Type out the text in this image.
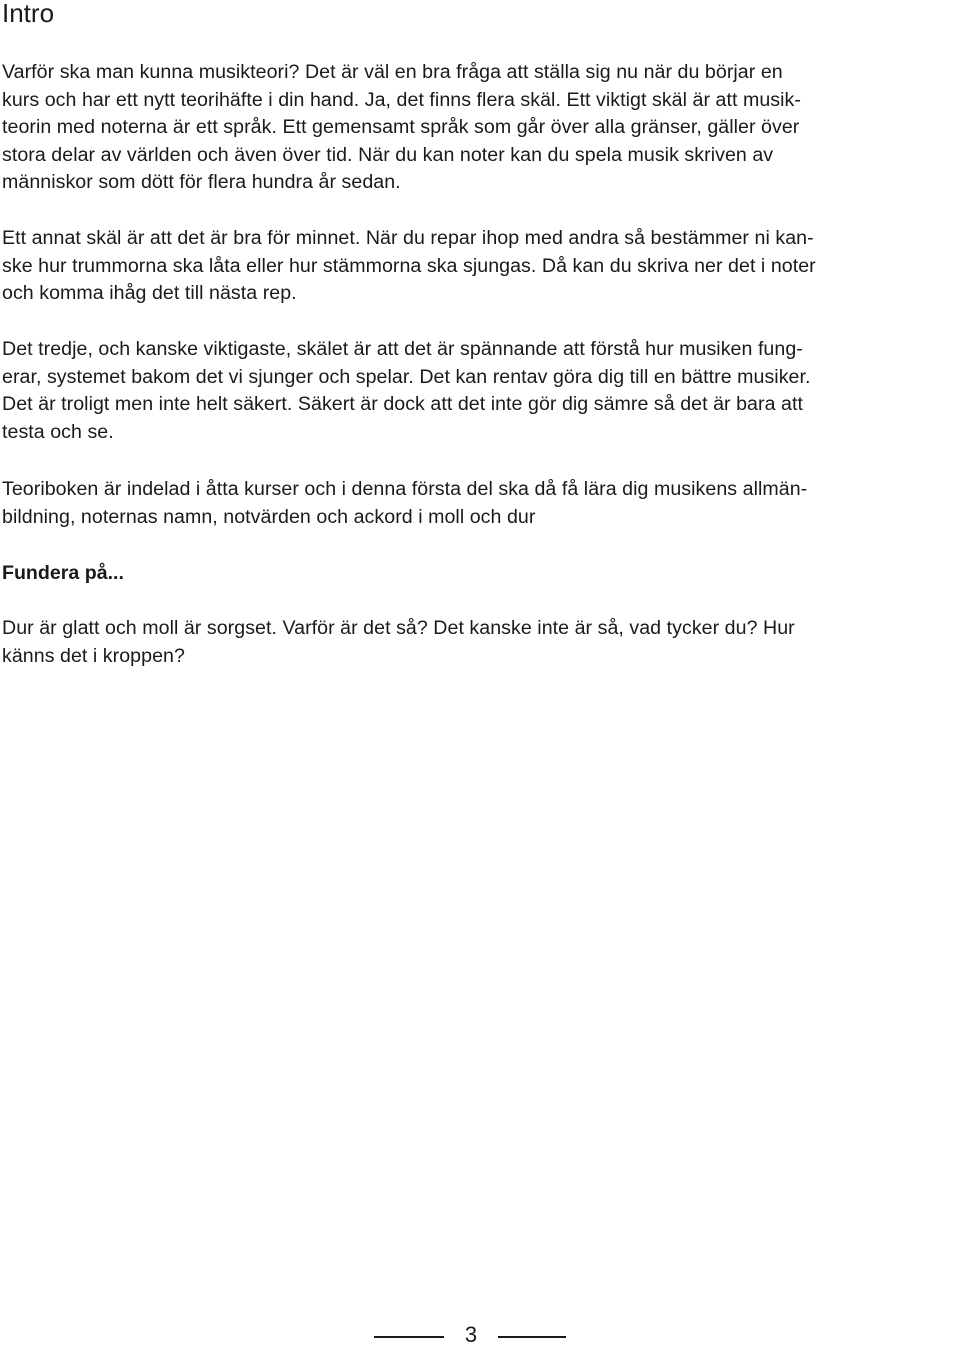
Intro

Varför ska man kunna musikteori? Det är väl en bra fråga att ställa sig nu när du börjar en
kurs och har ett nytt teorihäfte i din hand. Ja, det finns flera skäl. Ett viktigt skäl är att musik-
teorin med noterna är ett språk. Ett gemensamt språk som går över alla gränser, gäller över
stora delar av världen och även över tid. När du kan noter kan du spela musik skriven av
människor som dött för flera hundra år sedan.

Ett annat skäl är att det är bra för minnet. När du repar ihop med andra så bestämmer ni kan-
ske hur trummorna ska låta eller hur stämmorna ska sjungas. Då kan du skriva ner det i noter
och komma ihåg det till nästa rep.

Det tredje, och kanske viktigaste, skälet är att det är spännande att förstå hur musiken fung-
erar, systemet bakom det vi sjunger och spelar. Det kan rentav göra dig till en bättre musiker.
Det är troligt men inte helt säkert. Säkert är dock att det inte gör dig sämre så det är bara att
testa och se.

Teoriboken är indelad i åtta kurser och i denna första del ska då få lära dig musikens allmän-
bildning, noternas namn, notvärden och ackord i moll och dur

Fundera på...

Dur är glatt och moll är sorgset. Varför är det så? Det kanske inte är så, vad tycker du? Hur
känns det i kroppen?

3
